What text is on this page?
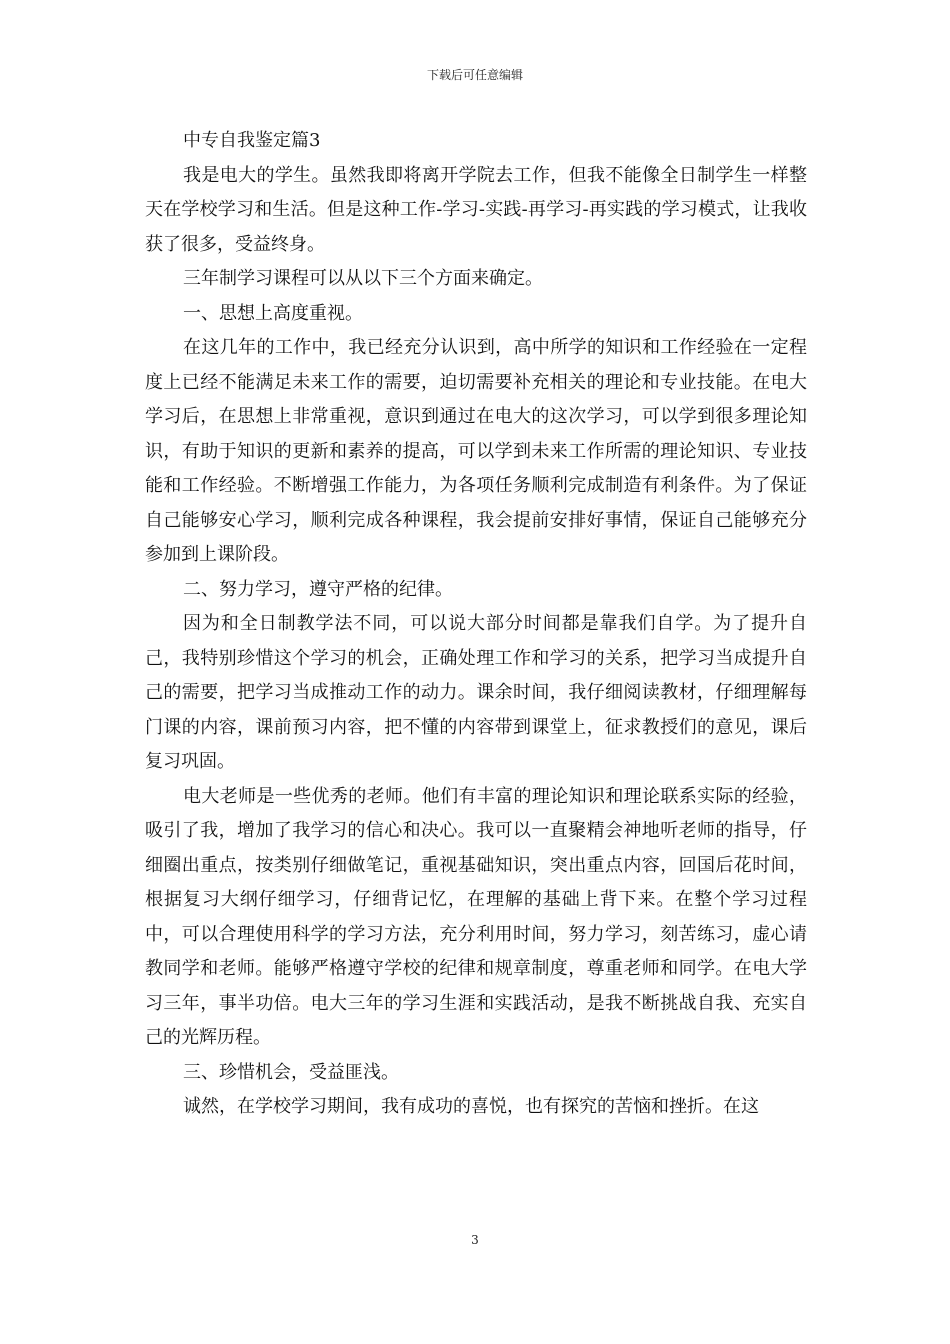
下载后可任意编辑

中专自我鉴定篇3

我是电大的学生。虽然我即将离开学院去工作，但我不能像全日制学生一样整天在学校学习和生活。但是这种工作-学习-实践-再学习-再实践的学习模式，让我收获了很多，受益终身。

三年制学习课程可以从以下三个方面来确定。

一、思想上高度重视。

在这几年的工作中，我已经充分认识到，高中所学的知识和工作经验在一定程度上已经不能满足未来工作的需要，迫切需要补充相关的理论和专业技能。在电大学习后，在思想上非常重视，意识到通过在电大的这次学习，可以学到很多理论知识，有助于知识的更新和素养的提高，可以学到未来工作所需的理论知识、专业技能和工作经验。不断增强工作能力，为各项任务顺利完成制造有利条件。为了保证自己能够安心学习，顺利完成各种课程，我会提前安排好事情，保证自己能够充分参加到上课阶段。

二、努力学习，遵守严格的纪律。

因为和全日制教学法不同，可以说大部分时间都是靠我们自学。为了提升自己，我特别珍惜这个学习的机会，正确处理工作和学习的关系，把学习当成提升自己的需要，把学习当成推动工作的动力。课余时间，我仔细阅读教材，仔细理解每门课的内容，课前预习内容，把不懂的内容带到课堂上，征求教授们的意见，课后复习巩固。

电大老师是一些优秀的老师。他们有丰富的理论知识和理论联系实际的经验，吸引了我，增加了我学习的信心和决心。我可以一直聚精会神地听老师的指导，仔细圈出重点，按类别仔细做笔记，重视基础知识，突出重点内容，回国后花时间，根据复习大纲仔细学习，仔细背记忆，在理解的基础上背下来。在整个学习过程中，可以合理使用科学的学习方法，充分利用时间，努力学习，刻苦练习，虚心请教同学和老师。能够严格遵守学校的纪律和规章制度，尊重老师和同学。在电大学习三年，事半功倍。电大三年的学习生涯和实践活动，是我不断挑战自我、充实自己的光辉历程。

三、珍惜机会，受益匪浅。

诚然，在学校学习期间，我有成功的喜悦，也有探究的苦恼和挫折。在这

3
